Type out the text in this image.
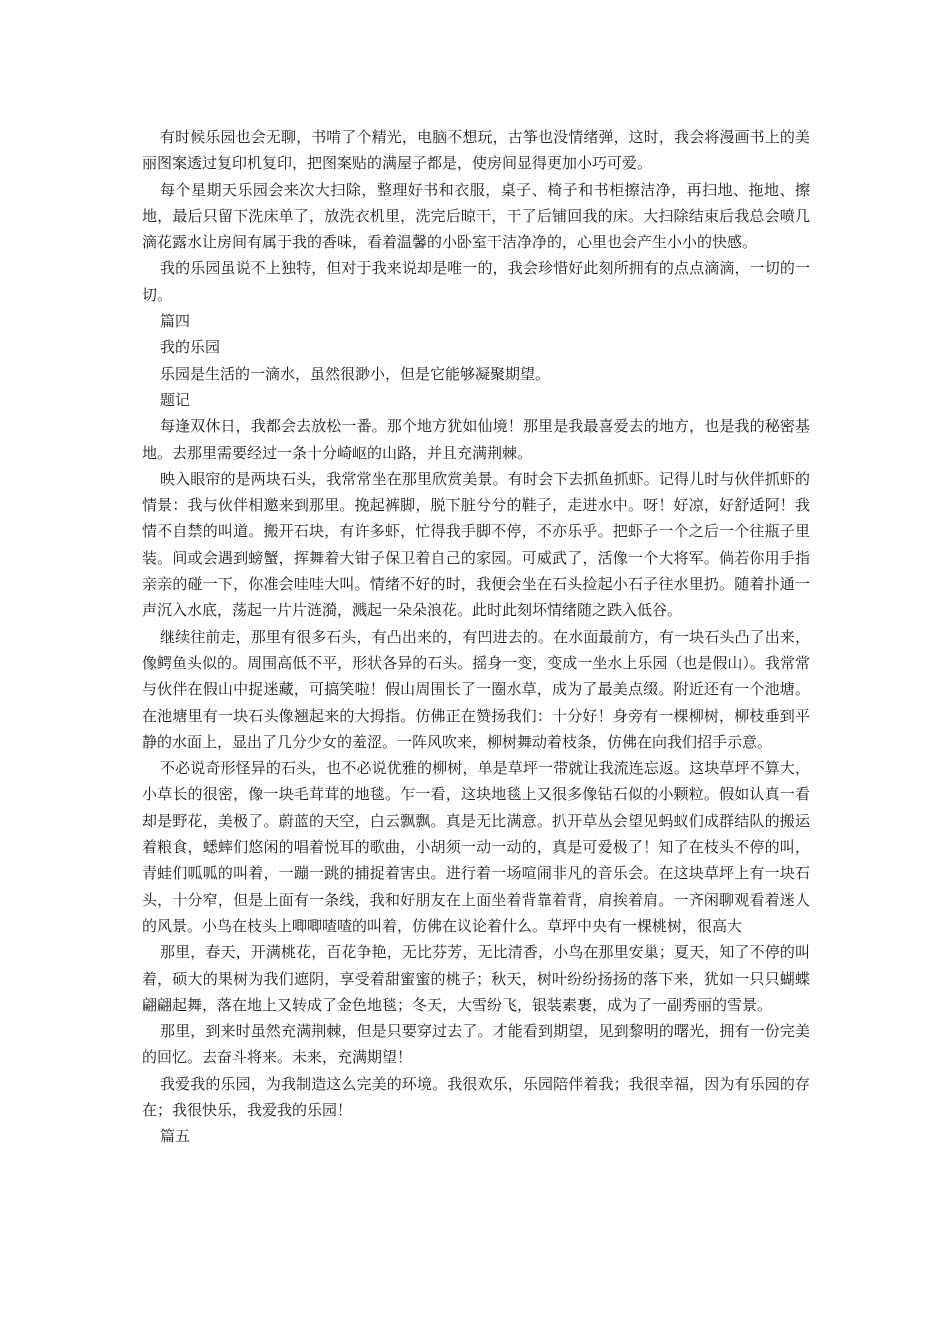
有时候乐园也会无聊，书啃了个精光，电脑不想玩，古筝也没情绪弹，这时，我会将漫画书上的美丽图案透过复印机复印，把图案贴的满屋子都是，使房间显得更加小巧可爱。

每个星期天乐园会来次大扫除，整理好书和衣服，桌子、椅子和书柜擦洁净，再扫地、拖地、擦地，最后只留下洗床单了，放洗衣机里，洗完后晾干，干了后铺回我的床。大扫除结束后我总会喷几滴花露水让房间有属于我的香味，看着温馨的小卧室干洁净净的，心里也会产生小小的快感。

我的乐园虽说不上独特，但对于我来说却是唯一的，我会珍惜好此刻所拥有的点点滴滴，一切的一切。

篇四

我的乐园

乐园是生活的一滴水，虽然很渺小，但是它能够凝聚期望。

题记

每逢双休日，我都会去放松一番。那个地方犹如仙境！那里是我最喜爱去的地方，也是我的秘密基地。去那里需要经过一条十分崎岖的山路，并且充满荆棘。

映入眼帘的是两块石头，我常常坐在那里欣赏美景。有时会下去抓鱼抓虾。记得儿时与伙伴抓虾的情景：我与伙伴相邀来到那里。挽起裤脚，脱下脏兮兮的鞋子，走进水中。呀！好凉，好舒适阿！我情不自禁的叫道。搬开石块，有许多虾，忙得我手脚不停，不亦乐乎。把虾子一个之后一个往瓶子里装。间或会遇到螃蟹，挥舞着大钳子保卫着自己的家园。可威武了，活像一个大将军。倘若你用手指亲亲的碰一下，你准会哇哇大叫。情绪不好的时，我便会坐在石头捡起小石子往水里扔。随着扑通一声沉入水底，荡起一片片涟漪，溅起一朵朵浪花。此时此刻坏情绪随之跌入低谷。

继续往前走，那里有很多石头，有凸出来的，有凹进去的。在水面最前方，有一块石头凸了出来，像鳄鱼头似的。周围高低不平，形状各异的石头。摇身一变，变成一坐水上乐园（也是假山）。我常常与伙伴在假山中捉迷藏，可搞笑啦！假山周围长了一圈水草，成为了最美点缀。附近还有一个池塘。在池塘里有一块石头像翘起来的大拇指。仿佛正在赞扬我们：十分好！身旁有一棵柳树，柳枝垂到平静的水面上，显出了几分少女的羞涩。一阵风吹来，柳树舞动着枝条，仿佛在向我们招手示意。

不必说奇形怪异的石头，也不必说优雅的柳树，单是草坪一带就让我流连忘返。这块草坪不算大，小草长的很密，像一块毛茸茸的地毯。乍一看，这块地毯上又很多像钻石似的小颗粒。假如认真一看却是野花，美极了。蔚蓝的天空，白云飘飘。真是无比满意。扒开草丛会望见蚂蚁们成群结队的搬运着粮食，蟋蟀们悠闲的唱着悦耳的歌曲，小胡须一动一动的，真是可爱极了！知了在枝头不停的叫，青蛙们呱呱的叫着，一蹦一跳的捕捉着害虫。进行着一场喧闹非凡的音乐会。在这块草坪上有一块石头，十分窄，但是上面有一条线，我和好朋友在上面坐着背靠着背，肩挨着肩。一齐闲聊观看着迷人的风景。小鸟在枝头上唧唧喳喳的叫着，仿佛在议论着什么。草坪中央有一棵桃树，很高大

那里，春天，开满桃花，百花争艳，无比芬芳，无比清香，小鸟在那里安巢；夏天，知了不停的叫着，硕大的果树为我们遮阴，享受着甜蜜蜜的桃子；秋天，树叶纷纷扬扬的落下来，犹如一只只蝴蝶翩翩起舞，落在地上又转成了金色地毯；冬天，大雪纷飞，银装素裹，成为了一副秀丽的雪景。

那里，到来时虽然充满荆棘，但是只要穿过去了。才能看到期望，见到黎明的曙光，拥有一份完美的回忆。去奋斗将来。未来，充满期望！

我爱我的乐园，为我制造这么完美的环境。我很欢乐，乐园陪伴着我；我很幸福，因为有乐园的存在；我很快乐，我爱我的乐园！

篇五
